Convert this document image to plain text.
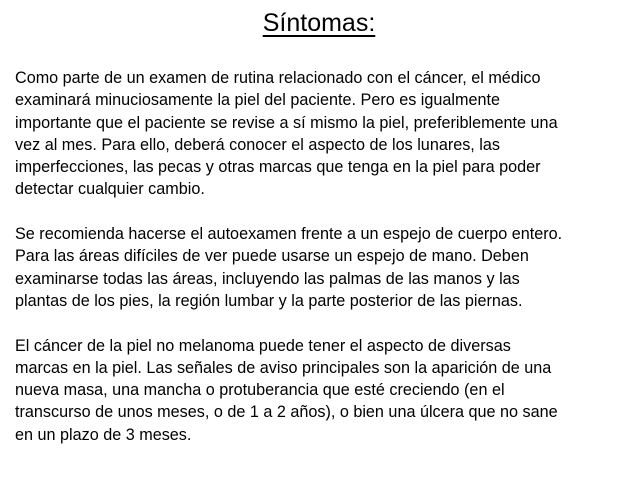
Síntomas:

Como parte de un examen de rutina relacionado con el cáncer, el médico
examinará minuciosamente la piel del paciente. Pero es igualmente
importante que el paciente se revise a sí mismo la piel, preferiblemente una
vez al mes. Para ello, deberá conocer el aspecto de los lunares, las
imperfecciones, las pecas y otras marcas que tenga en la piel para poder
detectar cualquier cambio.

Se recomienda hacerse el autoexamen frente a un espejo de cuerpo entero.
Para las áreas difíciles de ver puede usarse un espejo de mano. Deben
examinarse todas las áreas, incluyendo las palmas de las manos y las
plantas de los pies, la región lumbar y la parte posterior de las piernas.

El cáncer de la piel no melanoma puede tener el aspecto de diversas
marcas en la piel. Las señales de aviso principales son la aparición de una
nueva masa, una mancha o protuberancia que esté creciendo (en el
transcurso de unos meses, o de 1 a 2 años), o bien una úlcera que no sane
en un plazo de 3 meses.
